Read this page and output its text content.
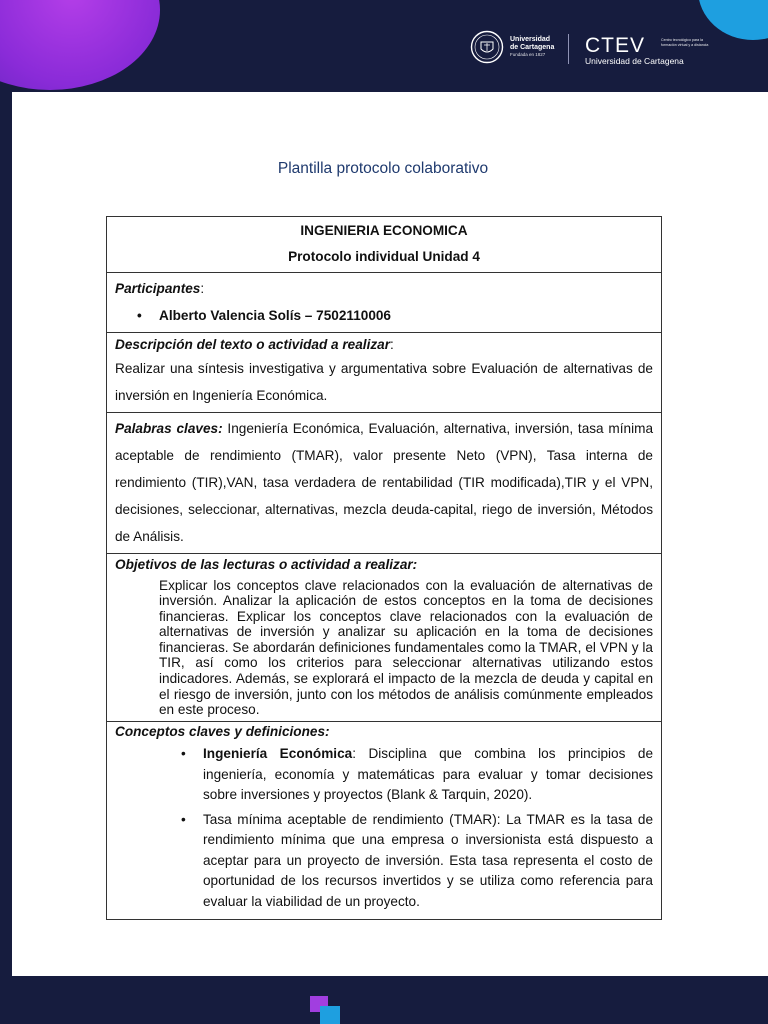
Universidad
de Cartagena
Fundada en 1827	CTEV
Universidad de Cartagena
Centro tecnológico para la formación virtual y a distancia
Plantilla protocolo colaborativo
INGENIERIA ECONOMICA
Protocolo individual Unidad 4

Participantes:
• Alberto Valencia Solís – 7502110006

Descripción del texto o actividad a realizar:
Realizar una síntesis investigativa y argumentativa sobre Evaluación de alternativas de inversión en Ingeniería Económica.

Palabras claves: Ingeniería Económica, Evaluación, alternativa, inversión, tasa mínima aceptable de rendimiento (TMAR), valor presente Neto (VPN), Tasa interna de rendimiento (TIR),VAN, tasa verdadera de rentabilidad (TIR modificada),TIR y el VPN, decisiones, seleccionar, alternativas, mezcla deuda-capital, riego de inversión, Métodos de Análisis.

Objetivos de las lecturas o actividad a realizar:
Explicar los conceptos clave relacionados con la evaluación de alternativas de inversión. Analizar la aplicación de estos conceptos en la toma de decisiones financieras. Explicar los conceptos clave relacionados con la evaluación de alternativas de inversión y analizar su aplicación en la toma de decisiones financieras. Se abordarán definiciones fundamentales como la TMAR, el VPN y la TIR, así como los criterios para seleccionar alternativas utilizando estos indicadores. Además, se explorará el impacto de la mezcla de deuda y capital en el riesgo de inversión, junto con los métodos de análisis comúnmente empleados en este proceso.

Conceptos claves y definiciones:
• Ingeniería Económica: Disciplina que combina los principios de ingeniería, economía y matemáticas para evaluar y tomar decisiones sobre inversiones y proyectos (Blank & Tarquin, 2020).
• Tasa mínima aceptable de rendimiento (TMAR): La TMAR es la tasa de rendimiento mínima que una empresa o inversionista está dispuesto a aceptar para un proyecto de inversión. Esta tasa representa el costo de oportunidad de los recursos invertidos y se utiliza como referencia para evaluar la viabilidad de un proyecto.
